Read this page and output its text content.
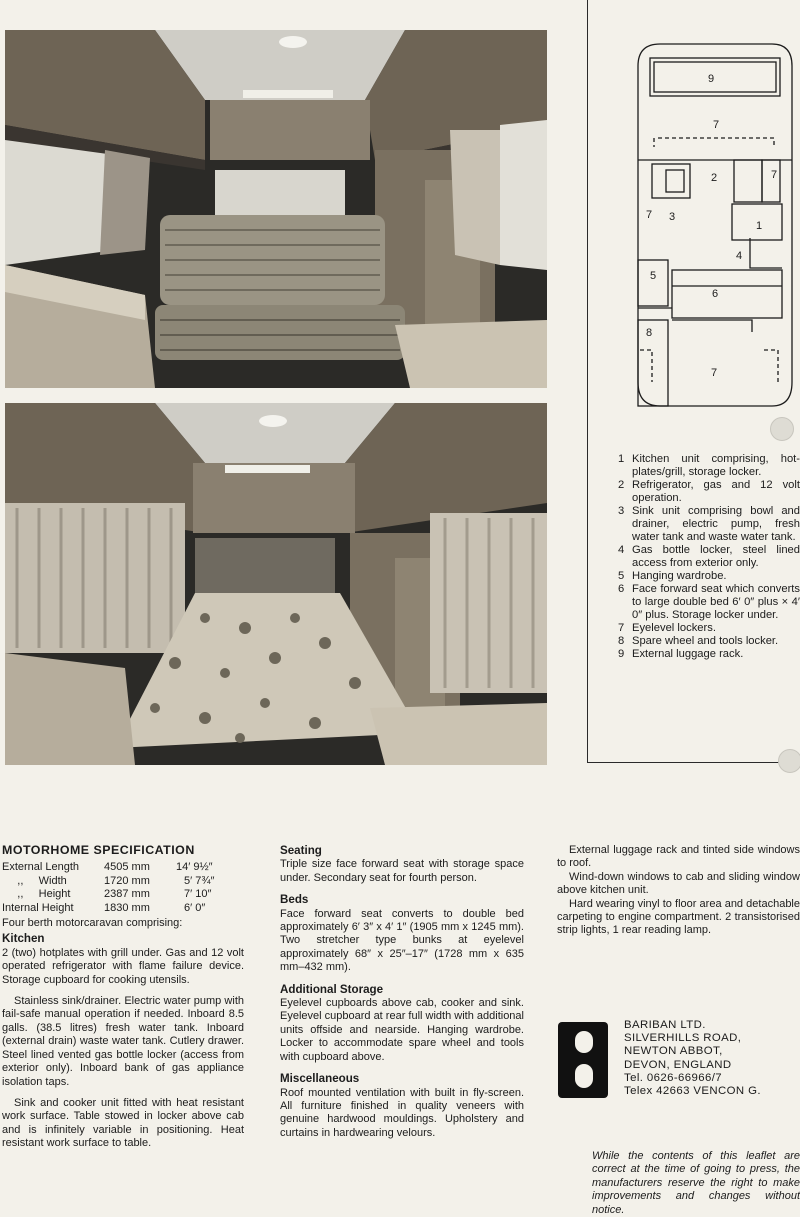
9
7
2	7
7 3
1
4
5
6
8
7
1 Kitchen unit comprising, hot-plates/grill, storage locker.
2 Refrigerator, gas and 12 volt operation.
3 Sink unit comprising bowl and drainer, electric pump, fresh water tank and waste water tank.
4 Gas bottle locker, steel lined access from exterior only.
5 Hanging wardrobe.
6 Face forward seat which converts to large double bed 6′ 0″ plus × 4′ 0″ plus. Storage locker under.
7 Eyelevel lockers.
8 Spare wheel and tools locker.
9 External luggage rack.
MOTORHOME SPECIFICATION
External Length	4505 mm	14′ 9½″
,,     Width	1720 mm	5′ 7¾″
,,     Height	2387 mm	7′ 10″
Internal Height	1830 mm	6′ 0″

Four berth motorcaravan comprising:

Kitchen

2 (two) hotplates with grill under. Gas and 12 volt operated refrigerator with flame failure device. Storage cupboard for cooking utensils.

Stainless sink/drainer. Electric water pump with fail-safe manual operation if needed. Inboard 8.5 galls. (38.5 litres) fresh water tank. Inboard (external drain) waste water tank. Cutlery drawer. Steel lined vented gas bottle locker (access from exterior only). Inboard bank of gas appliance isolation taps.

Sink and cooker unit fitted with heat resistant work surface. Table stowed in locker above cab and is infinitely variable in positioning. Heat resistant work surface to table.

Seating

Triple size face forward seat with storage space under. Secondary seat for fourth person.

Beds

Face forward seat converts to double bed approximately 6′ 3″ x 4′ 1″ (1905 mm x 1245 mm). Two stretcher type bunks at eyelevel approximately 68″ x 25″–17″ (1728 mm x 635 mm–432 mm).

Additional Storage

Eyelevel cupboards above cab, cooker and sink. Eyelevel cupboard at rear full width with additional units offside and nearside. Hanging wardrobe. Locker to accommodate spare wheel and tools with cupboard above.

Miscellaneous

Roof mounted ventilation with built in fly-screen. All furniture finished in quality veneers with genuine hardwood mouldings. Upholstery and curtains in hardwearing velours.

External luggage rack and tinted side windows to roof.

Wind-down windows to cab and sliding window above kitchen unit.

Hard wearing vinyl to floor area and detachable carpeting to engine compartment. 2 transistorised strip lights, 1 rear reading lamp.

BARIBAN LTD.
SILVERHILLS ROAD,
NEWTON ABBOT,
DEVON, ENGLAND
Tel. 0626-66966/7
Telex 42663 VENCON G.
While the contents of this leaflet are correct at the time of going to press, the manufacturers reserve the right to make improvements and changes without notice.
